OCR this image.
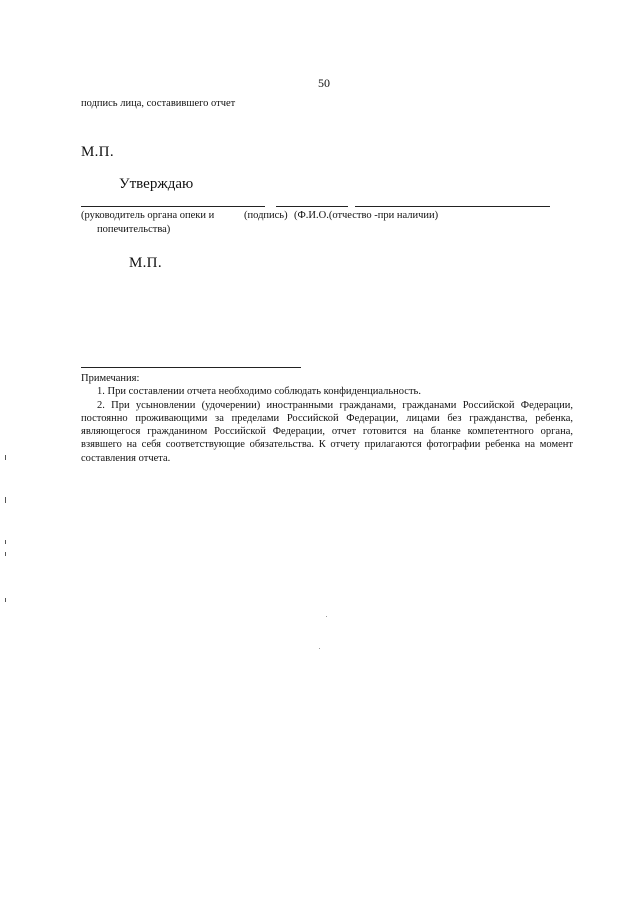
50
подпись лица, составившего отчет
М.П.
Утверждаю
(руководитель органа опеки и
попечительства)
(подпись) (Ф.И.О.(отчество -при наличии)
М.П.

Примечания:

1. При составлении отчета необходимо соблюдать конфиденциальность.

2. При усыновлении (удочерении) иностранными гражданами, гражданами Российской Федерации, постоянно проживающими за пределами Российской Федерации, лицами без гражданства, ребенка, являющегося гражданином Российской Федерации, отчет готовится на бланке компетентного органа, взявшего на себя соответствующие обязательства. К отчету прилагаются фотографии ребенка на момент составления отчета.
